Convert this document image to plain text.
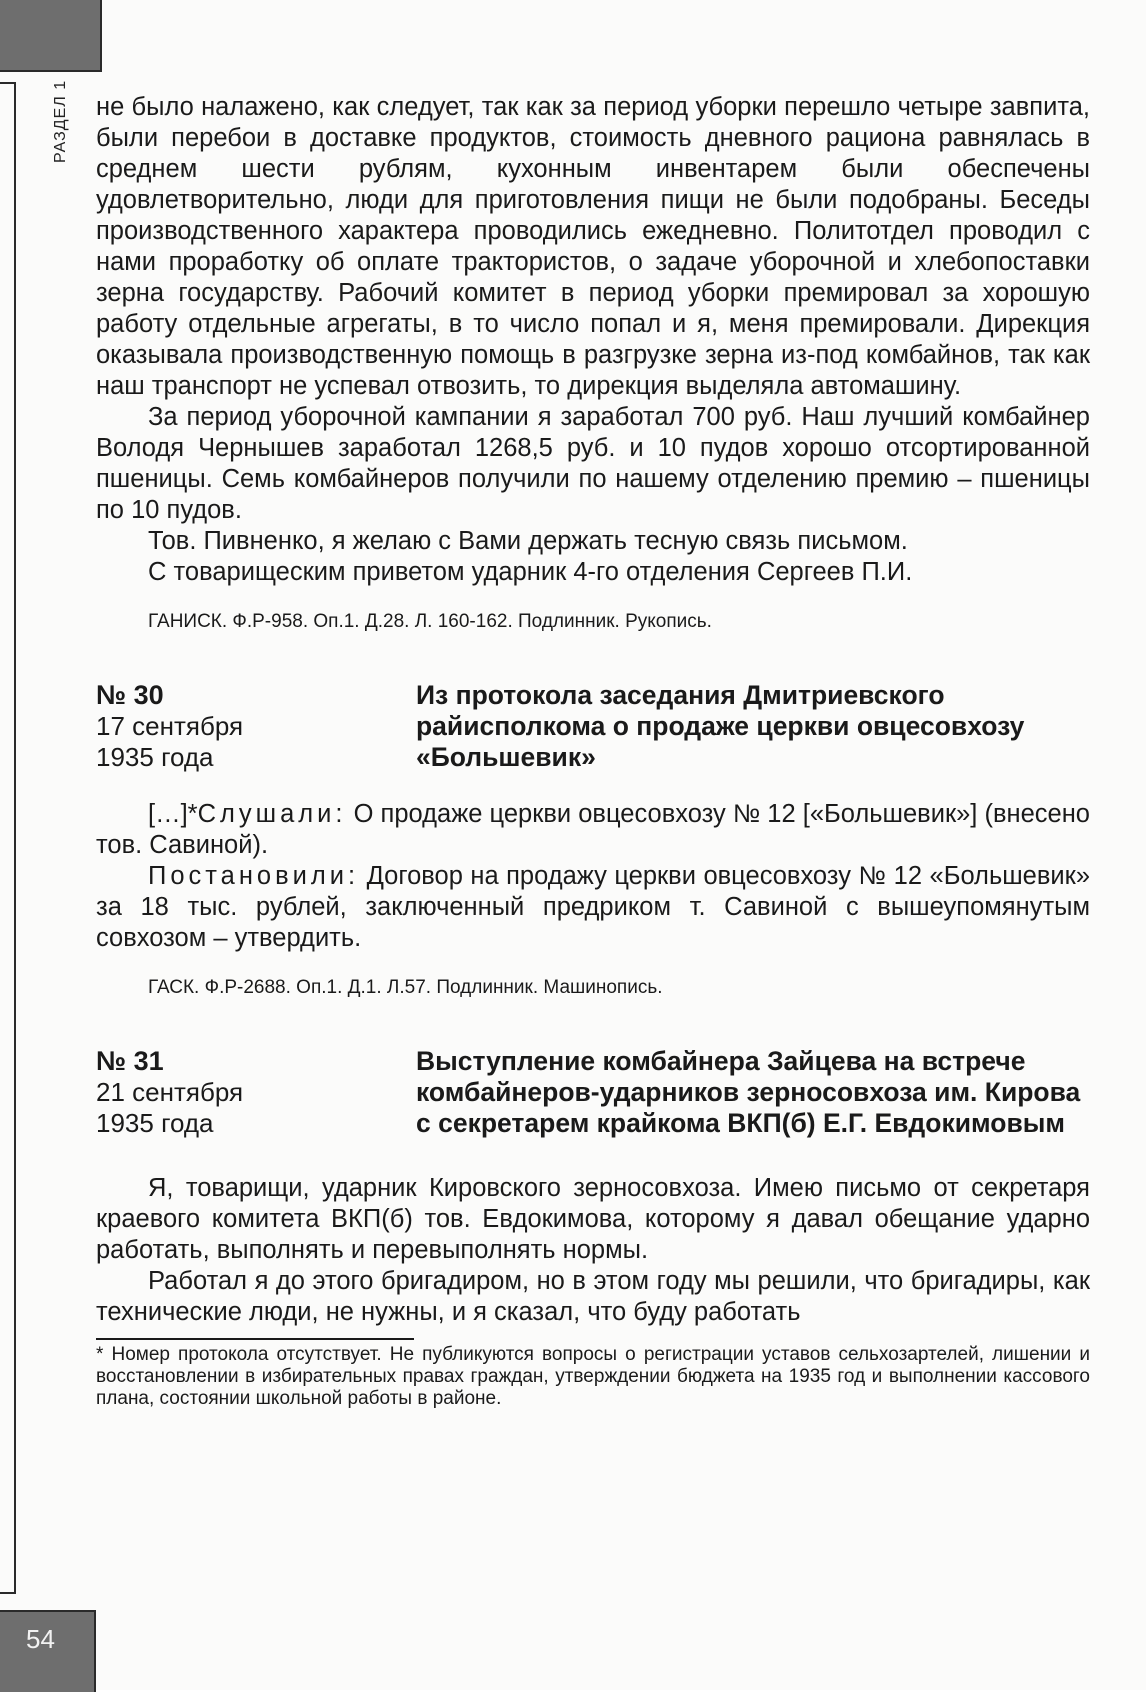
РАЗДЕЛ 1 не было налажено, как следует, так как за период уборки перешло четыре завпита, были перебои в доставке продуктов, стоимость дневного рациона равнялась в среднем шести рублям, кухонным инвентарем были обеспечены удовлетворительно, люди для приготовления пищи не были подобраны. Беседы производственного характера проводились ежедневно. Политотдел проводил с нами проработку об оплате трактористов, о задаче уборочной и хлебопоставки зерна государству. Рабочий комитет в период уборки премировал за хорошую работу отдельные агрегаты, в то число попал и я, меня премировали. Дирекция оказывала производственную помощь в разгрузке зерна из-под комбайнов, так как наш транспорт не успевал отвозить, то дирекция выделяла автомашину.

За период уборочной кампании я заработал 700 руб. Наш лучший комбайнер Володя Чернышев заработал 1268,5 руб. и 10 пудов хорошо отсортированной пшеницы. Семь комбайнеров получили по нашему отделению премию – пшеницы по 10 пудов.

Тов. Пивненко, я желаю с Вами держать тесную связь письмом.

С товарищеским приветом ударник 4-го отделения Сергеев П.И.

ГАНИСК. Ф.Р-958. Оп.1. Д.28. Л. 160-162. Подлинник. Рукопись.

№ 30
17 сентября
1935 года
Из протокола заседания Дмитриевского райисполкома о продаже церкви овцесовхозу «Большевик»

[…]*Слушали: О продаже церкви овцесовхозу № 12 [«Большевик»] (внесено тов. Савиной).

Постановили: Договор на продажу церкви овцесовхозу № 12 «Большевик» за 18 тыс. рублей, заключенный предриком т. Савиной с вышеупомянутым совхозом – утвердить.

ГАСК. Ф.Р-2688. Оп.1. Д.1. Л.57. Подлинник. Машинопись.

№ 31
21 сентября
1935 года
Выступление комбайнера Зайцева на встрече комбайнеров-ударников зерносовхоза им. Кирова с секретарем крайкома ВКП(б) Е.Г. Евдокимовым

Я, товарищи, ударник Кировского зерносовхоза. Имею письмо от секретаря краевого комитета ВКП(б) тов. Евдокимова, которому я давал обещание ударно работать, выполнять и перевыполнять нормы.

Работал я до этого бригадиром, но в этом году мы решили, что бригадиры, как технические люди, не нужны, и я сказал, что буду работать

* Номер протокола отсутствует. Не публикуются вопросы о регистрации уставов сельхозартелей, лишении и восстановлении в избирательных правах граждан, утверждении бюджета на 1935 год и выполнении кассового плана, состоянии школьной работы в районе.

54
